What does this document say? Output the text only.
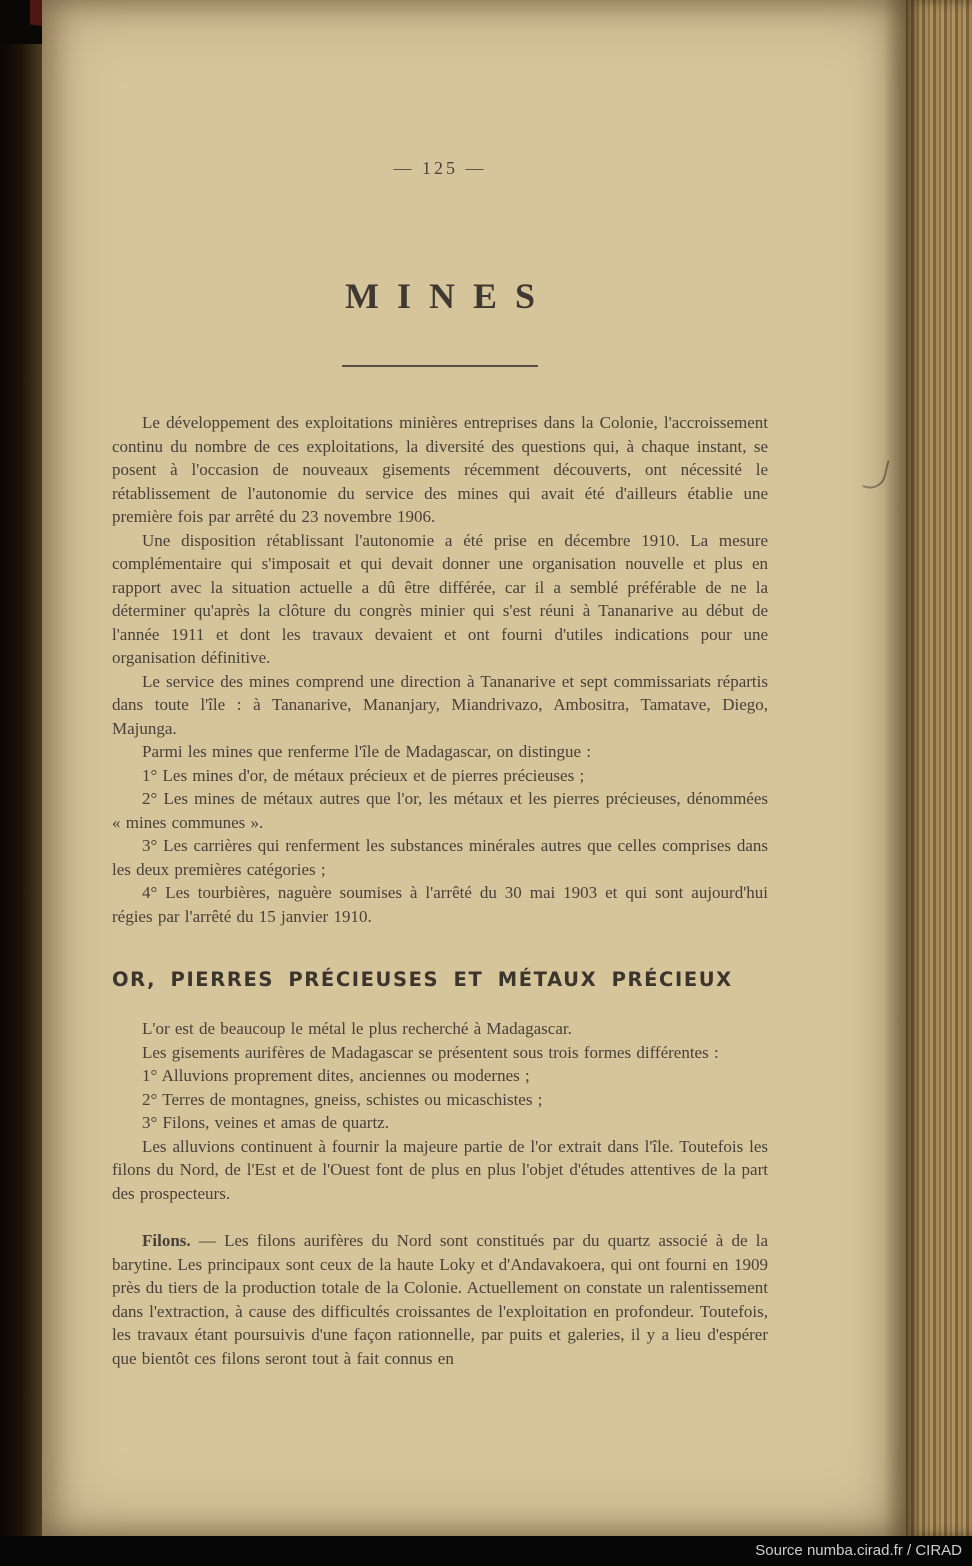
— 125 —
MINES

Le développement des exploitations minières entreprises dans la Colonie, l'accroissement continu du nombre de ces exploitations, la diversité des questions qui, à chaque instant, se posent à l'occasion de nouveaux gisements récemment découverts, ont nécessité le rétablissement de l'autonomie du service des mines qui avait été d'ailleurs établie une première fois par arrêté du 23 novembre 1906.

Une disposition rétablissant l'autonomie a été prise en décembre 1910. La mesure complémentaire qui s'imposait et qui devait donner une organisation nouvelle et plus en rapport avec la situation actuelle a dû être différée, car il a semblé préférable de ne la déterminer qu'après la clôture du congrès minier qui s'est réuni à Tananarive au début de l'année 1911 et dont les travaux devaient et ont fourni d'utiles indications pour une organisation définitive.

Le service des mines comprend une direction à Tananarive et sept commissariats répartis dans toute l'île : à Tananarive, Mananjary, Miandrivazo, Ambositra, Tamatave, Diego, Majunga.

Parmi les mines que renferme l'île de Madagascar, on distingue :

1° Les mines d'or, de métaux précieux et de pierres précieuses ;

2° Les mines de métaux autres que l'or, les métaux et les pierres précieuses, dénommées « mines communes ».

3° Les carrières qui renferment les substances minérales autres que celles comprises dans les deux premières catégories ;

4° Les tourbières, naguère soumises à l'arrêté du 30 mai 1903 et qui sont aujourd'hui régies par l'arrêté du 15 janvier 1910.

OR, PIERRES PRÉCIEUSES ET MÉTAUX PRÉCIEUX

L'or est de beaucoup le métal le plus recherché à Madagascar.

Les gisements aurifères de Madagascar se présentent sous trois formes différentes :

1° Alluvions proprement dites, anciennes ou modernes ;

2° Terres de montagnes, gneiss, schistes ou micaschistes ;

3° Filons, veines et amas de quartz.

Les alluvions continuent à fournir la majeure partie de l'or extrait dans l'île. Toutefois les filons du Nord, de l'Est et de l'Ouest font de plus en plus l'objet d'études attentives de la part des prospecteurs.

Filons. — Les filons aurifères du Nord sont constitués par du quartz associé à de la barytine. Les principaux sont ceux de la haute Loky et d'Andavakoera, qui ont fourni en 1909 près du tiers de la production totale de la Colonie. Actuellement on constate un ralentissement dans l'extraction, à cause des difficultés croissantes de l'exploitation en profondeur. Toutefois, les travaux étant poursuivis d'une façon rationnelle, par puits et galeries, il y a lieu d'espérer que bientôt ces filons seront tout à fait connus en

Source numba.cirad.fr / CIRAD
